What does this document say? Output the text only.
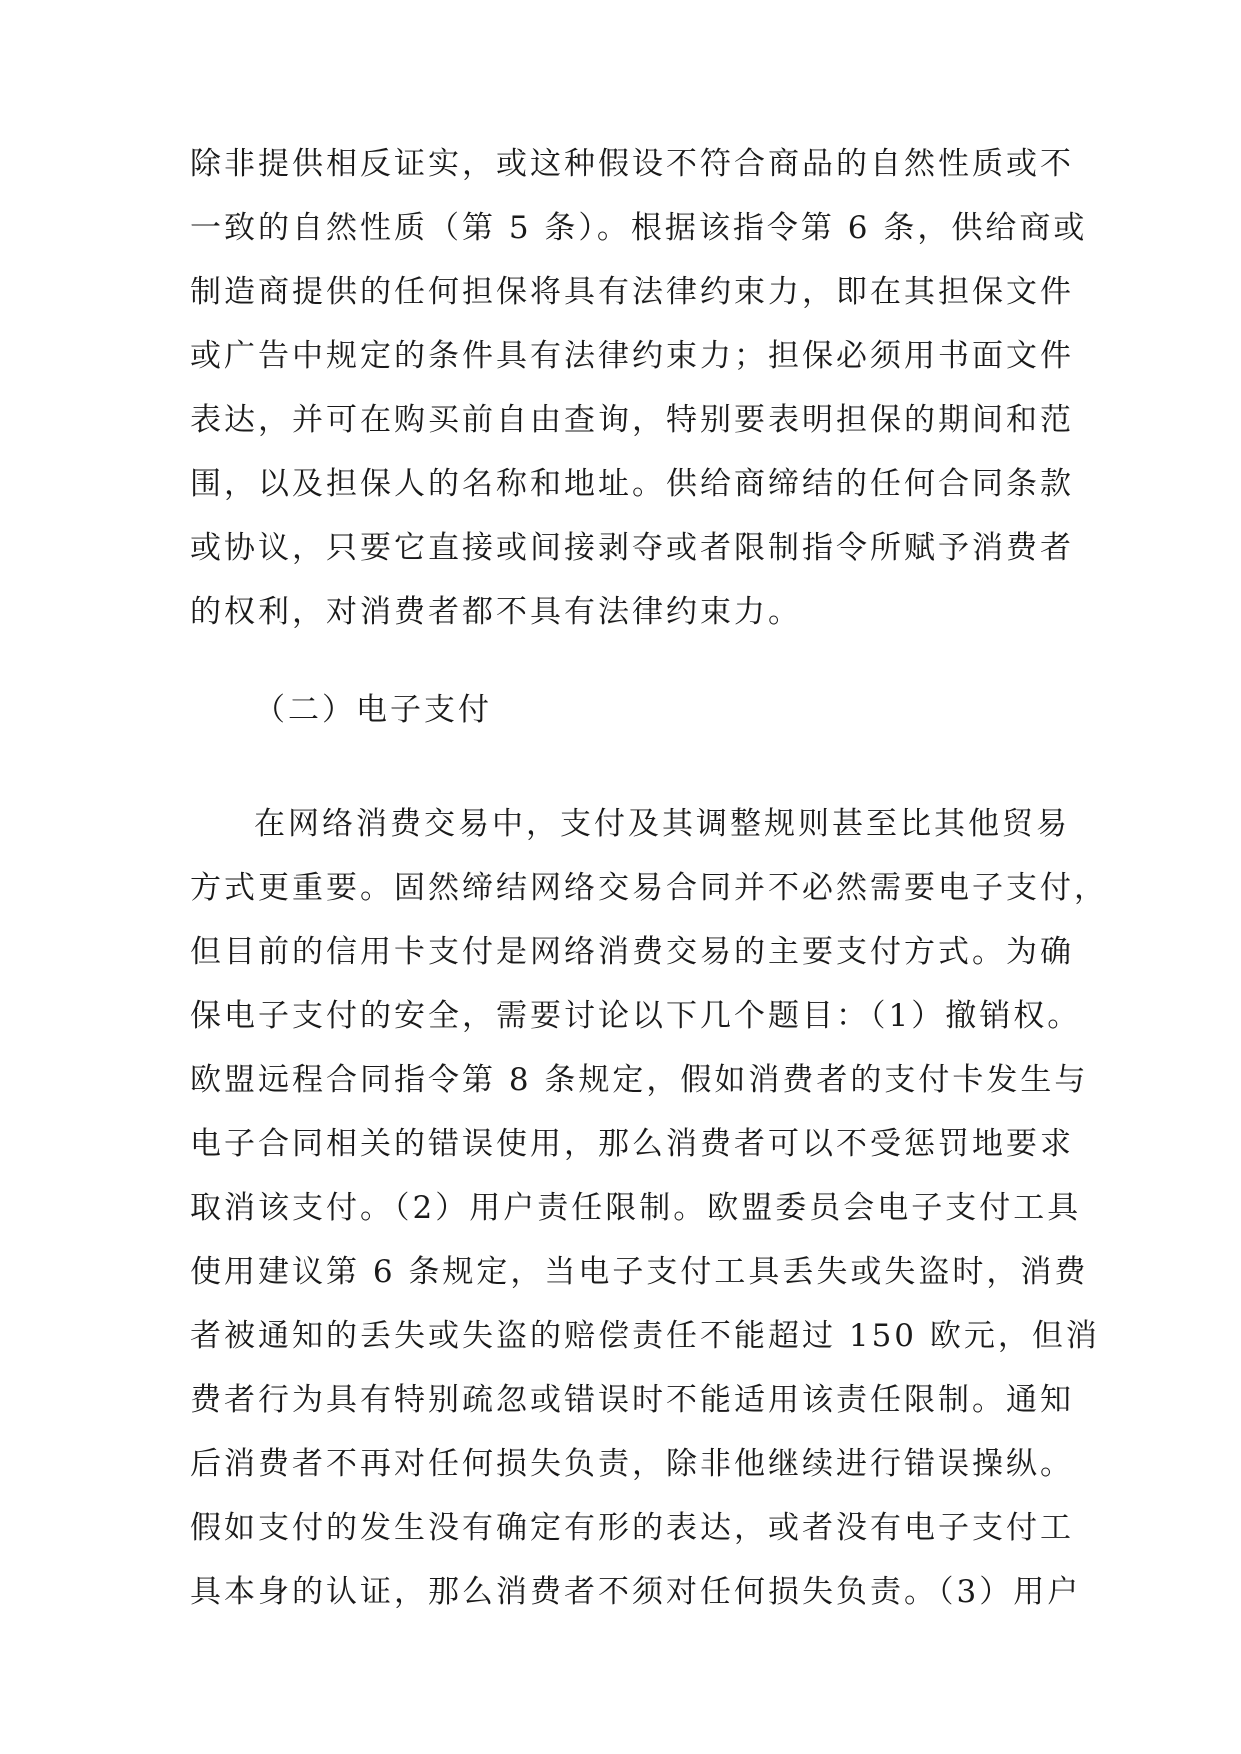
除非提供相反证实，或这种假设不符合商品的自然性质或不
一致的自然性质（第 5 条）。根据该指令第 6 条，供给商或
制造商提供的任何担保将具有法律约束力，即在其担保文件
或广告中规定的条件具有法律约束力；担保必须用书面文件
表达，并可在购买前自由查询，特别要表明担保的期间和范
围，以及担保人的名称和地址。供给商缔结的任何合同条款
或协议，只要它直接或间接剥夺或者限制指令所赋予消费者
的权利，对消费者都不具有法律约束力。
（二）电子支付
在网络消费交易中，支付及其调整规则甚至比其他贸易
方式更重要。固然缔结网络交易合同并不必然需要电子支付，
但目前的信用卡支付是网络消费交易的主要支付方式。为确
保电子支付的安全，需要讨论以下几个题目：（1）撤销权。
欧盟远程合同指令第 8 条规定，假如消费者的支付卡发生与
电子合同相关的错误使用，那么消费者可以不受惩罚地要求
取消该支付。（2）用户责任限制。欧盟委员会电子支付工具
使用建议第 6 条规定，当电子支付工具丢失或失盗时，消费
者被通知的丢失或失盗的赔偿责任不能超过 150 欧元，但消
费者行为具有特别疏忽或错误时不能适用该责任限制。通知
后消费者不再对任何损失负责，除非他继续进行错误操纵。
假如支付的发生没有确定有形的表达，或者没有电子支付工
具本身的认证，那么消费者不须对任何损失负责。（3）用户
